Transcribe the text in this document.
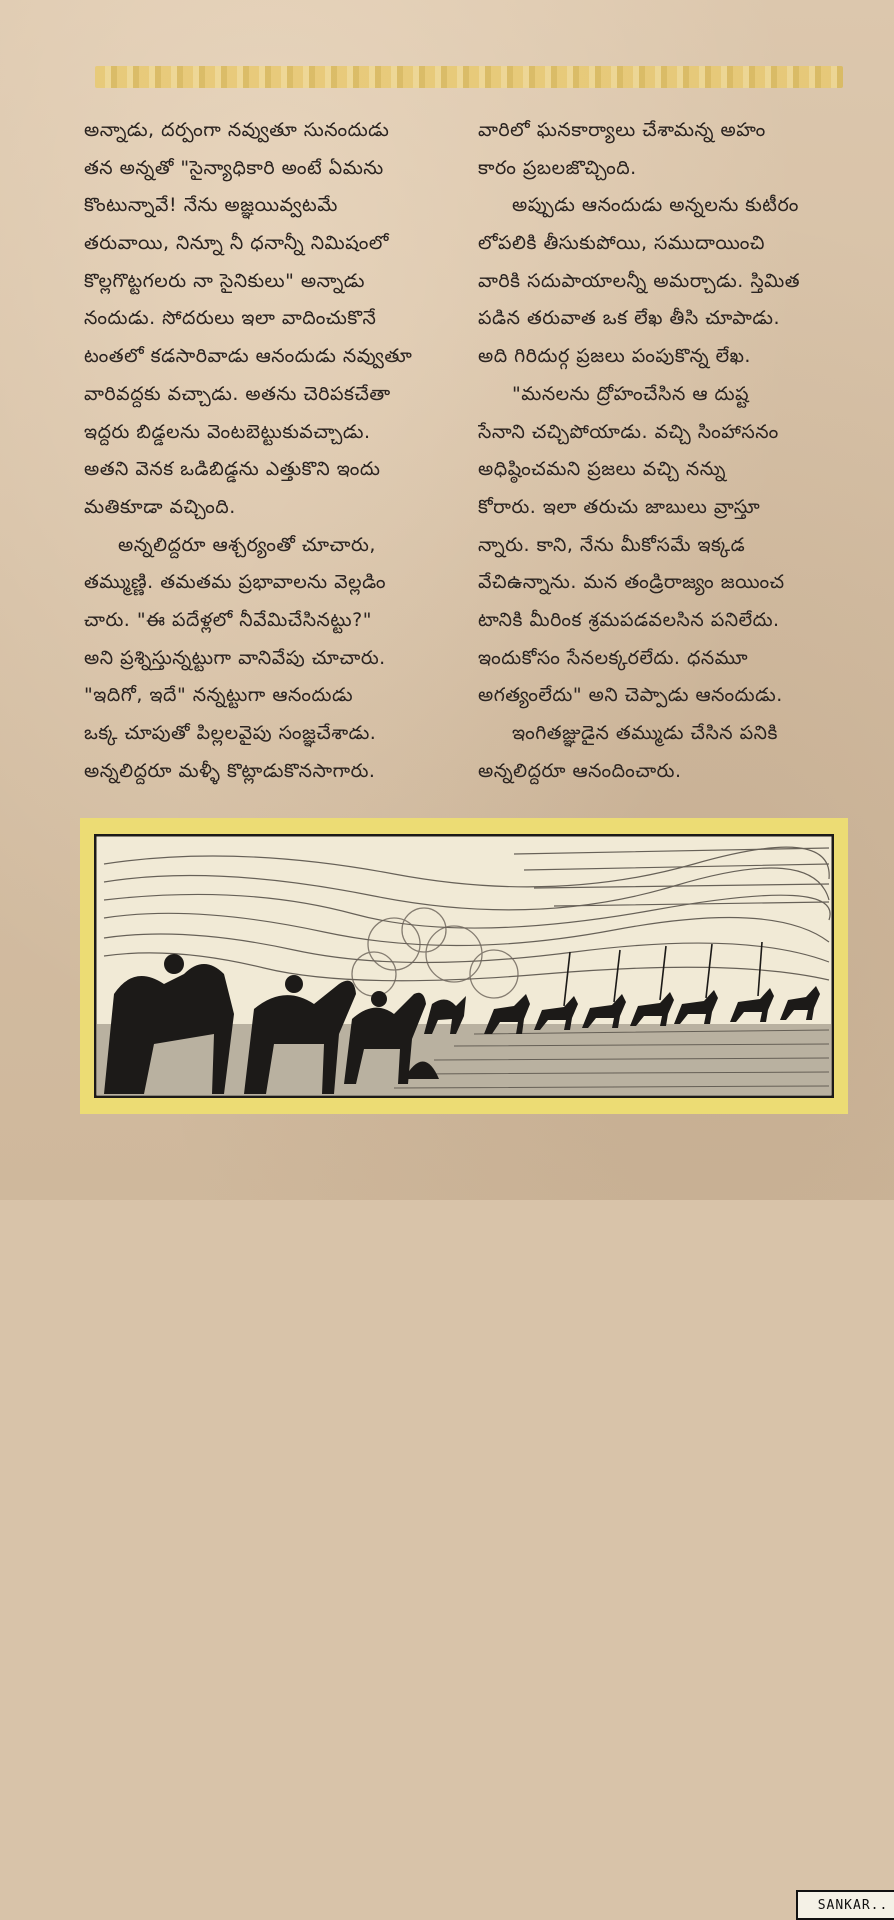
అన్నాడు, దర్పంగా నవ్వుతూ సునందుడు
తన అన్నతో "సైన్యాధికారి అంటే ఏమను
కొంటున్నావే! నేను అజ్ఞయివ్వటమే
తరువాయి, నిన్నూ నీ ధనాన్నీ నిమిషంలో
కొల్లగొట్టగలరు నా సైనికులు" అన్నాడు
నందుడు. సోదరులు ఇలా వాదించుకొనే
టంతలో కడసారివాడు ఆనందుడు నవ్వుతూ
వారివద్దకు వచ్చాడు. అతను చెరిపకచేతా
ఇద్దరు బిడ్డలను వెంటబెట్టుకువచ్చాడు.
అతని వెనక ఒడిబిడ్డను ఎత్తుకొని ఇందు
మతికూడా వచ్చింది.
అన్నలిద్దరూ ఆశ్చర్యంతో చూచారు,
తమ్ముణ్ణి. తమతమ ప్రభావాలను వెల్లడిం
చారు. "ఈ పదేళ్లలో నీవేమిచేసినట్టు?"
అని ప్రశ్నిస్తున్నట్టుగా వానివేపు చూచారు.
"ఇదిగో, ఇదే" నన్నట్టుగా ఆనందుడు
ఒక్క చూపుతో పిల్లలవైపు సంజ్ఞచేశాడు.
అన్నలిద్దరూ మళ్ళీ కొట్లాడుకొనసాగారు.
వారిలో ఘనకార్యాలు చేశామన్న అహం
కారం ప్రబలజొచ్చింది.
అప్పుడు ఆనందుడు అన్నలను కుటీరం
లోపలికి తీసుకుపోయి, సముదాయించి
వారికి సదుపాయాలన్నీ అమర్చాడు. స్తిమిత
పడిన తరువాత ఒక లేఖ తీసి చూపాడు.
అది గిరిదుర్గ ప్రజలు పంపుకొన్న లేఖ.
"మనలను ద్రోహంచేసిన ఆ దుష్ట
సేనాని చచ్చిపోయాడు. వచ్చి సింహాసనం
అధిష్ఠించమని ప్రజలు వచ్చి నన్ను
కోరారు. ఇలా తరుచు జాబులు వ్రాస్తూ
న్నారు. కాని, నేను మీకోసమే ఇక్కడ
వేచిఉన్నాను. మన తండ్రిరాజ్యం జయించ
టానికి మీరింక శ్రమపడవలసిన పనిలేదు.
ఇందుకోసం సేనలక్కరలేదు. ధనమూ
అగత్యంలేదు" అని చెప్పాడు ఆనందుడు.
ఇంగితజ్ఞుడైన తమ్ముడు చేసిన పనికి
అన్నలిద్దరూ ఆనందించారు.
SANKAR..
